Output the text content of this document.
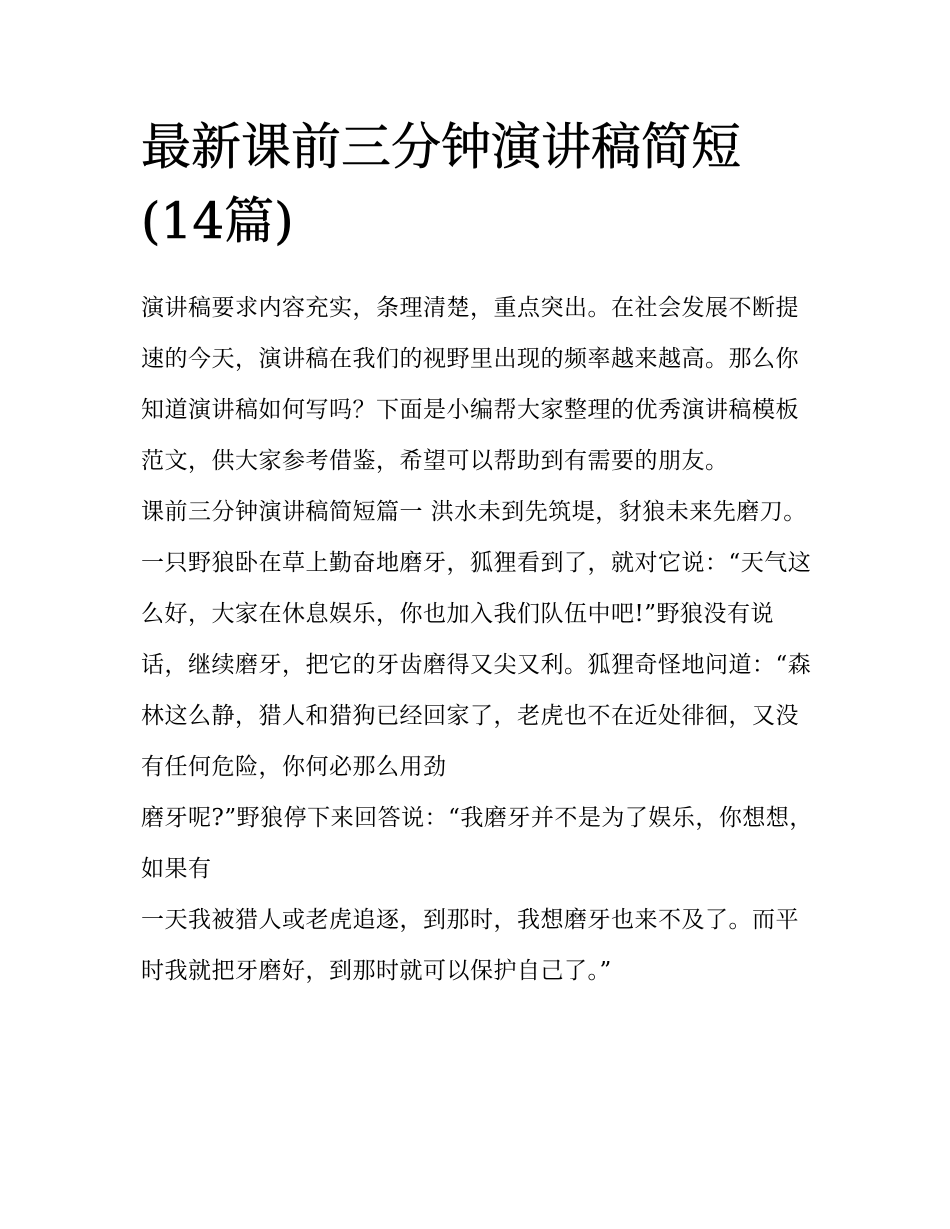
最新课前三分钟演讲稿简短(14篇)

演讲稿要求内容充实，条理清楚，重点突出。在社会发展不断提速的今天，演讲稿在我们的视野里出现的频率越来越高。那么你知道演讲稿如何写吗？下面是小编帮大家整理的优秀演讲稿模板范文，供大家参考借鉴，希望可以帮助到有需要的朋友。

课前三分钟演讲稿简短篇一 洪水未到先筑堤，豺狼未来先磨刀。

一只野狼卧在草上勤奋地磨牙，狐狸看到了，就对它说：“天气这么好，大家在休息娱乐，你也加入我们队伍中吧!”野狼没有说话，继续磨牙，把它的牙齿磨得又尖又利。狐狸奇怪地问道：“森林这么静，猎人和猎狗已经回家了，老虎也不在近处徘徊，又没有任何危险，你何必那么用劲

磨牙呢?”野狼停下来回答说：“我磨牙并不是为了娱乐，你想想，如果有

一天我被猎人或老虎追逐，到那时，我想磨牙也来不及了。而平时我就把牙磨好，到那时就可以保护自己了。”
